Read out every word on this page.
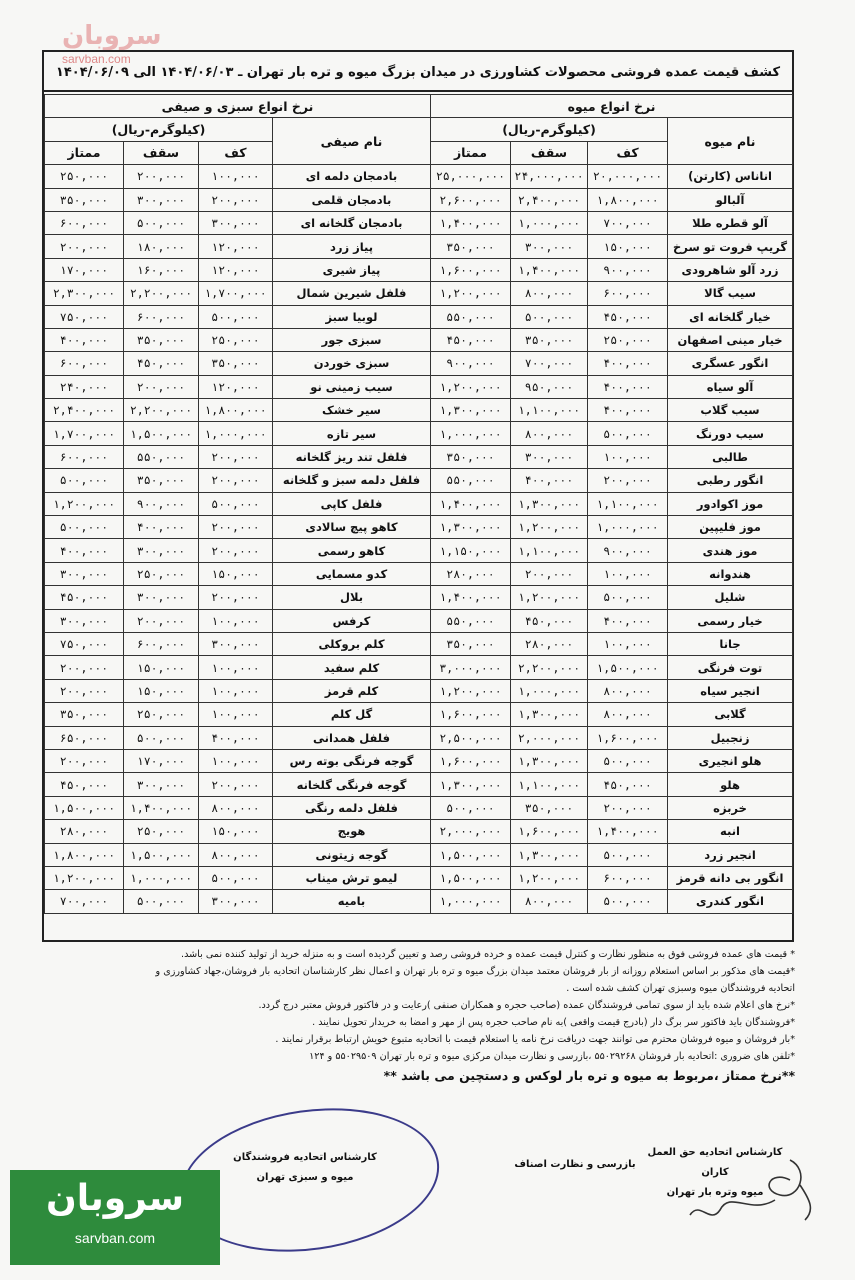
سروبان
sarvban.com
کشف قیمت عمده فروشی محصولات کشاورزی در میدان بزرگ میوه و تره بار تهران ـ ۱۴۰۴/۰۶/۰۳ الی ۱۴۰۴/۰۶/۰۹
نرخ انواع میوه				نرخ انواع سبزی و صیفی			
نام میوه	(کیلوگرم-ریال)			نام صیفی	(کیلوگرم-ریال)		
	کف	سقف	ممتاز		کف	سقف	ممتاز
اناناس (کارتن)	۲۰,۰۰۰,۰۰۰	۲۴,۰۰۰,۰۰۰	۲۵,۰۰۰,۰۰۰	بادمجان دلمه ای	۱۰۰,۰۰۰	۲۰۰,۰۰۰	۲۵۰,۰۰۰
آلبالو	۱,۸۰۰,۰۰۰	۲,۴۰۰,۰۰۰	۲,۶۰۰,۰۰۰	بادمجان قلمی	۲۰۰,۰۰۰	۳۰۰,۰۰۰	۳۵۰,۰۰۰
آلو قطره طلا	۷۰۰,۰۰۰	۱,۰۰۰,۰۰۰	۱,۴۰۰,۰۰۰	بادمجان گلخانه ای	۳۰۰,۰۰۰	۵۰۰,۰۰۰	۶۰۰,۰۰۰
گریپ فروت تو سرخ	۱۵۰,۰۰۰	۳۰۰,۰۰۰	۳۵۰,۰۰۰	پیاز زرد	۱۲۰,۰۰۰	۱۸۰,۰۰۰	۲۰۰,۰۰۰
زرد آلو شاهرودی	۹۰۰,۰۰۰	۱,۴۰۰,۰۰۰	۱,۶۰۰,۰۰۰	پیاز شیری	۱۲۰,۰۰۰	۱۶۰,۰۰۰	۱۷۰,۰۰۰
سیب گالا	۶۰۰,۰۰۰	۸۰۰,۰۰۰	۱,۲۰۰,۰۰۰	فلفل شیرین شمال	۱,۷۰۰,۰۰۰	۲,۲۰۰,۰۰۰	۲,۳۰۰,۰۰۰
خیار گلخانه ای	۴۵۰,۰۰۰	۵۰۰,۰۰۰	۵۵۰,۰۰۰	لوبیا سبز	۵۰۰,۰۰۰	۶۰۰,۰۰۰	۷۵۰,۰۰۰
خیار مینی اصفهان	۲۵۰,۰۰۰	۳۵۰,۰۰۰	۴۵۰,۰۰۰	سبزی جور	۲۵۰,۰۰۰	۳۵۰,۰۰۰	۴۰۰,۰۰۰
انگور عسگری	۴۰۰,۰۰۰	۷۰۰,۰۰۰	۹۰۰,۰۰۰	سبزی خوردن	۳۵۰,۰۰۰	۴۵۰,۰۰۰	۶۰۰,۰۰۰
آلو سیاه	۴۰۰,۰۰۰	۹۵۰,۰۰۰	۱,۲۰۰,۰۰۰	سیب زمینی نو	۱۲۰,۰۰۰	۲۰۰,۰۰۰	۲۴۰,۰۰۰
سیب گلاب	۴۰۰,۰۰۰	۱,۱۰۰,۰۰۰	۱,۳۰۰,۰۰۰	سیر خشک	۱,۸۰۰,۰۰۰	۲,۲۰۰,۰۰۰	۲,۴۰۰,۰۰۰
سیب دورنگ	۵۰۰,۰۰۰	۸۰۰,۰۰۰	۱,۰۰۰,۰۰۰	سیر تازه	۱,۰۰۰,۰۰۰	۱,۵۰۰,۰۰۰	۱,۷۰۰,۰۰۰
طالبی	۱۰۰,۰۰۰	۳۰۰,۰۰۰	۳۵۰,۰۰۰	فلفل تند ریز گلخانه	۲۰۰,۰۰۰	۵۵۰,۰۰۰	۶۰۰,۰۰۰
انگور رطبی	۲۰۰,۰۰۰	۴۰۰,۰۰۰	۵۵۰,۰۰۰	فلفل دلمه سبز و گلخانه	۲۰۰,۰۰۰	۳۵۰,۰۰۰	۵۰۰,۰۰۰
موز اکوادور	۱,۱۰۰,۰۰۰	۱,۳۰۰,۰۰۰	۱,۴۰۰,۰۰۰	فلفل کاپی	۵۰۰,۰۰۰	۹۰۰,۰۰۰	۱,۲۰۰,۰۰۰
موز فلیپین	۱,۰۰۰,۰۰۰	۱,۲۰۰,۰۰۰	۱,۳۰۰,۰۰۰	کاهو پیچ سالادی	۲۰۰,۰۰۰	۴۰۰,۰۰۰	۵۰۰,۰۰۰
موز هندی	۹۰۰,۰۰۰	۱,۱۰۰,۰۰۰	۱,۱۵۰,۰۰۰	کاهو رسمی	۲۰۰,۰۰۰	۳۰۰,۰۰۰	۴۰۰,۰۰۰
هندوانه	۱۰۰,۰۰۰	۲۰۰,۰۰۰	۲۸۰,۰۰۰	کدو مسمایی	۱۵۰,۰۰۰	۲۵۰,۰۰۰	۳۰۰,۰۰۰
شلیل	۵۰۰,۰۰۰	۱,۲۰۰,۰۰۰	۱,۴۰۰,۰۰۰	بلال	۲۰۰,۰۰۰	۳۰۰,۰۰۰	۴۵۰,۰۰۰
خیار رسمی	۴۰۰,۰۰۰	۴۵۰,۰۰۰	۵۵۰,۰۰۰	کرفس	۱۰۰,۰۰۰	۲۰۰,۰۰۰	۳۰۰,۰۰۰
جانا	۱۰۰,۰۰۰	۲۸۰,۰۰۰	۳۵۰,۰۰۰	کلم بروکلی	۳۰۰,۰۰۰	۶۰۰,۰۰۰	۷۵۰,۰۰۰
توت فرنگی	۱,۵۰۰,۰۰۰	۲,۲۰۰,۰۰۰	۳,۰۰۰,۰۰۰	کلم سفید	۱۰۰,۰۰۰	۱۵۰,۰۰۰	۲۰۰,۰۰۰
انجیر سیاه	۸۰۰,۰۰۰	۱,۰۰۰,۰۰۰	۱,۲۰۰,۰۰۰	کلم قرمز	۱۰۰,۰۰۰	۱۵۰,۰۰۰	۲۰۰,۰۰۰
گلابی	۸۰۰,۰۰۰	۱,۳۰۰,۰۰۰	۱,۶۰۰,۰۰۰	گل کلم	۱۰۰,۰۰۰	۲۵۰,۰۰۰	۳۵۰,۰۰۰
زنجبیل	۱,۶۰۰,۰۰۰	۲,۰۰۰,۰۰۰	۲,۵۰۰,۰۰۰	فلفل همدانی	۴۰۰,۰۰۰	۵۰۰,۰۰۰	۶۵۰,۰۰۰
هلو انجیری	۵۰۰,۰۰۰	۱,۳۰۰,۰۰۰	۱,۶۰۰,۰۰۰	گوجه فرنگی بوته رس	۱۰۰,۰۰۰	۱۷۰,۰۰۰	۲۰۰,۰۰۰
هلو	۴۵۰,۰۰۰	۱,۱۰۰,۰۰۰	۱,۳۰۰,۰۰۰	گوجه فرنگی گلخانه	۲۰۰,۰۰۰	۳۰۰,۰۰۰	۴۵۰,۰۰۰
خربزه	۲۰۰,۰۰۰	۳۵۰,۰۰۰	۵۰۰,۰۰۰	فلفل دلمه رنگی	۸۰۰,۰۰۰	۱,۴۰۰,۰۰۰	۱,۵۰۰,۰۰۰
انبه	۱,۴۰۰,۰۰۰	۱,۶۰۰,۰۰۰	۲,۰۰۰,۰۰۰	هویج	۱۵۰,۰۰۰	۲۵۰,۰۰۰	۲۸۰,۰۰۰
انجیر زرد	۵۰۰,۰۰۰	۱,۳۰۰,۰۰۰	۱,۵۰۰,۰۰۰	گوجه زیتونی	۸۰۰,۰۰۰	۱,۵۰۰,۰۰۰	۱,۸۰۰,۰۰۰
انگور بی دانه قرمز	۶۰۰,۰۰۰	۱,۲۰۰,۰۰۰	۱,۵۰۰,۰۰۰	لیمو ترش میناب	۵۰۰,۰۰۰	۱,۰۰۰,۰۰۰	۱,۲۰۰,۰۰۰
انگور کندری	۵۰۰,۰۰۰	۸۰۰,۰۰۰	۱,۰۰۰,۰۰۰	بامیه	۳۰۰,۰۰۰	۵۰۰,۰۰۰	۷۰۰,۰۰۰

* قیمت های عمده فروشی فوق به منظور نظارت و کنترل قیمت عمده و خرده فروشی رصد و تعیین گردیده است و به منزله خرید از تولید کننده نمی باشد.

*قیمت های مذکور بر اساس استعلام روزانه از بار فروشان معتمد میدان بزرگ میوه و تره بار تهران و اعمال نظر کارشناسان اتحادیه بار فروشان،جهاد کشاورزی و

اتحادیه فروشندگان میوه وسبزی تهران کشف شده است .

*نرخ های اعلام شده باید از سوی تمامی فروشندگان عمده (صاحب حجره و همکاران صنفی )رعایت و در فاکتور فروش معتبر درج گردد.

*فروشندگان باید فاکتور سر برگ دار (بادرج قیمت واقعی )به نام صاحب حجره پس از مهر و امضا به خریدار تحویل نمایند .

*بار فروشان و میوه فروشان محترم می توانند جهت دریافت نرخ نامه یا استعلام قیمت با اتحادیه متبوع خویش ارتباط برقرار نمایند .

*تلفن های ضروری :اتحادیه بار فروشان ۵۵۰۲۹۲۶۸ ،بازرسی و نظارت میدان مرکزی میوه و تره بار تهران ۵۵۰۲۹۵۰۹ و ۱۲۴

**نرخ ممتاز ،مربوط به میوه و تره بار لوکس و دستچین می باشد **

کارشناس اتحادیه فروشندگان
میوه و سبزی تهران
بازرسی و نظارت اصناف
کارشناس اتحادیه حق العمل کاران
میوه وتره بار تهران
سروبان
sarvban.com
